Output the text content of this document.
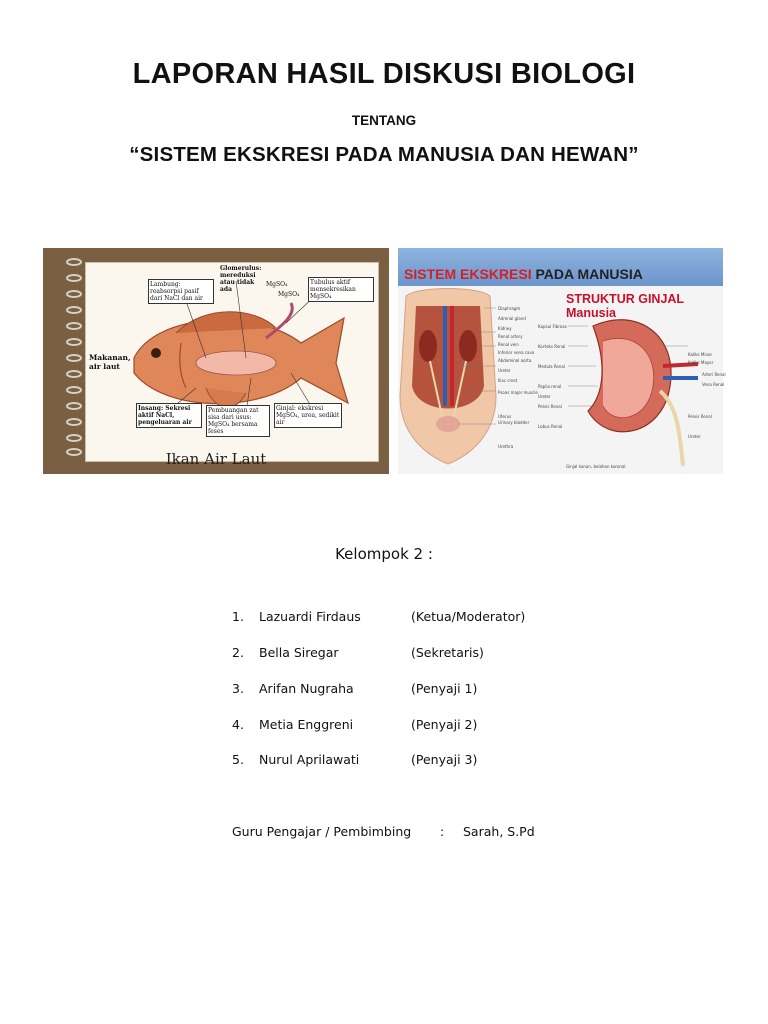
LAPORAN HASIL DISKUSI BIOLOGI
TENTANG
“SISTEM EKSKRESI PADA MANUSIA DAN HEWAN”
Makanan, air laut
Lambung: reabsorpsi pasif dari NaCl dan air
Glomerulus: mereduksi atau tidak ada
MgSO₄
MgSO₄
Tubulus aktif mensekresikan MgSO₄
Insang: Sekresi aktif NaCl, pengeluaran air
Pembuangan zat sisa dari usus: MgSO₄ bersama feses
Ginjal: ekskresi MgSO₄, urea, sedikit air
Ikan Air Laut
SISTEM EKSKRESI PADA MANUSIA
STRUKTUR GINJAL
Manusia
Diaphragm
Adrenal gland
Kidney
Renal artery
Renal vein
Inferior vena cava
Abdominal aorta
Ureter
Iliac crest
Psoas major muscle
Urinary bladder
Urethra
Uterus
Kapsul Fibrosa
Korteks Renal
Medula Renal
Papila renal
Ureter
Pelvis Renal
Lobus Renal
Kaliks Minor
Kaliks Mayor
Arteri Renal
Vena Renal
Pelvis Renal
Ureter
Ginjal kanan, belahan koronal
Kelompok 2 :
1. Lazuardi Firdaus	(Ketua/Moderator)
2. Bella Siregar	(Sekretaris)
3. Arifan Nugraha	(Penyaji 1)
4. Metia Enggreni	(Penyaji 2)
5. Nurul Aprilawati	(Penyaji 3)
Guru Pengajar / Pembimbing : Sarah, S.Pd
